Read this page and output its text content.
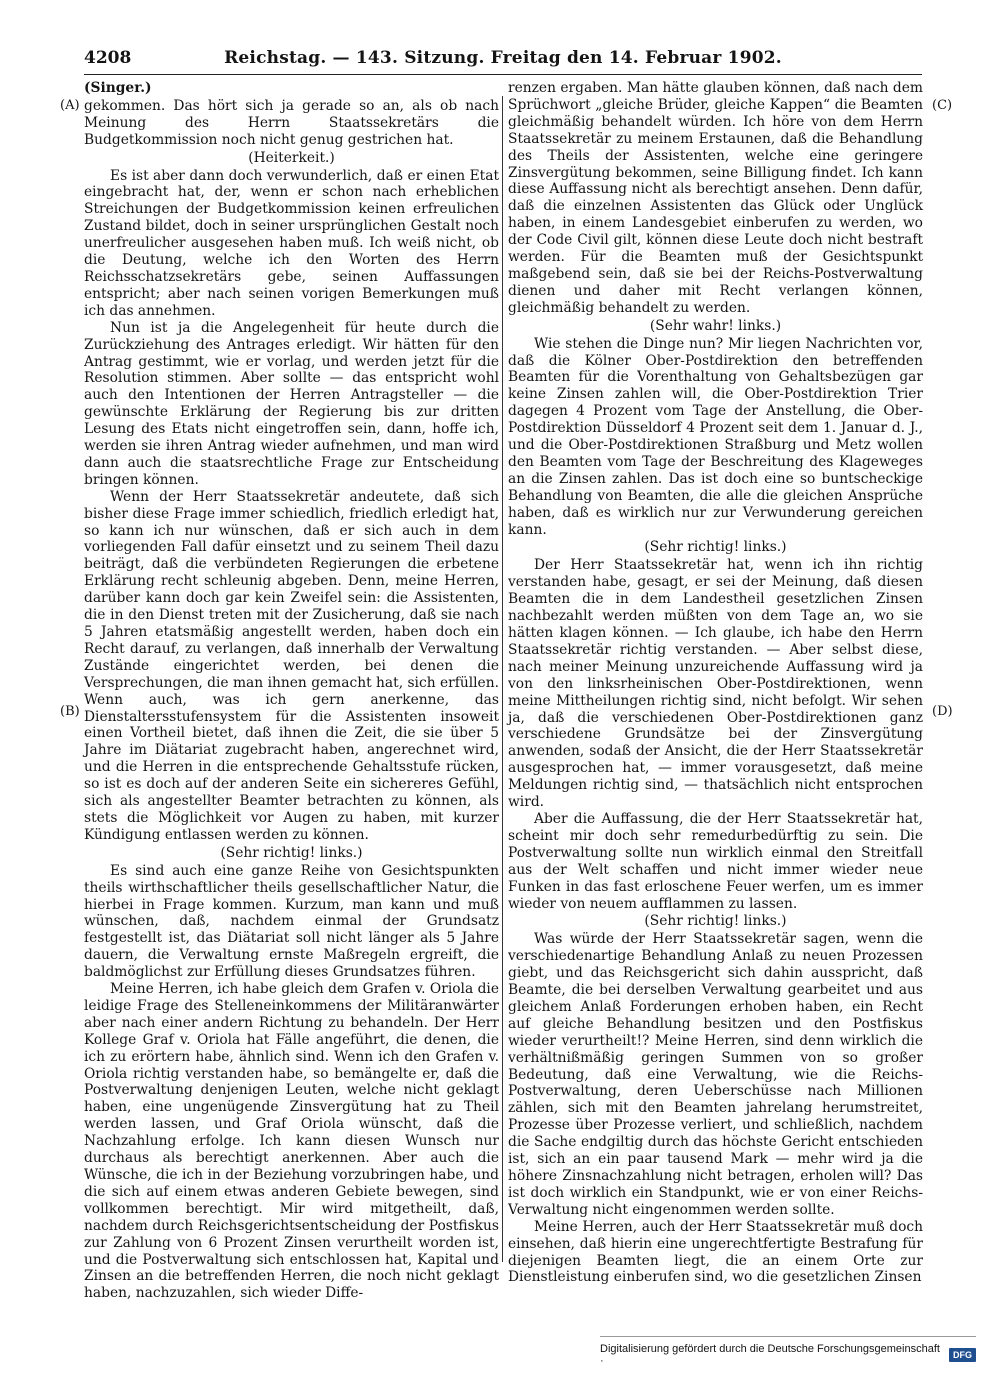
4208	Reichstag. — 143. Sitzung. Freitag den 14. Februar 1902.
(A)
(B)
(C)
(D)
(Singer.)

gekommen. Das hört sich ja gerade so an, als ob nach Meinung des Herrn Staatssekretärs die Budgetkommission noch nicht genug gestrichen hat.

(Heiterkeit.)

Es ist aber dann doch verwunderlich, daß er einen Etat eingebracht hat, der, wenn er schon nach erheblichen Streichungen der Budgetkommission keinen erfreulichen Zustand bildet, doch in seiner ursprünglichen Gestalt noch unerfreulicher ausgesehen haben muß. Ich weiß nicht, ob die Deutung, welche ich den Worten des Herrn Reichsschatzsekretärs gebe, seinen Auffassungen entspricht; aber nach seinen vorigen Bemerkungen muß ich das annehmen.

Nun ist ja die Angelegenheit für heute durch die Zurückziehung des Antrages erledigt. Wir hätten für den Antrag gestimmt, wie er vorlag, und werden jetzt für die Resolution stimmen. Aber sollte — das entspricht wohl auch den Intentionen der Herren Antragsteller — die gewünschte Erklärung der Regierung bis zur dritten Lesung des Etats nicht eingetroffen sein, dann, hoffe ich, werden sie ihren Antrag wieder aufnehmen, und man wird dann auch die staatsrechtliche Frage zur Entscheidung bringen können.

Wenn der Herr Staatssekretär andeutete, daß sich bisher diese Frage immer schiedlich, friedlich erledigt hat, so kann ich nur wünschen, daß er sich auch in dem vorliegenden Fall dafür einsetzt und zu seinem Theil dazu beiträgt, daß die verbündeten Regierungen die erbetene Erklärung recht schleunig abgeben. Denn, meine Herren, darüber kann doch gar kein Zweifel sein: die Assistenten, die in den Dienst treten mit der Zusicherung, daß sie nach 5 Jahren etatsmäßig angestellt werden, haben doch ein Recht darauf, zu verlangen, daß innerhalb der Verwaltung Zustände eingerichtet werden, bei denen die Versprechungen, die man ihnen gemacht hat, sich erfüllen. Wenn auch, was ich gern anerkenne, das Dienstaltersstufensystem für die Assistenten insoweit einen Vortheil bietet, daß ihnen die Zeit, die sie über 5 Jahre im Diätariat zugebracht haben, angerechnet wird, und die Herren in die entsprechende Gehaltsstufe rücken, so ist es doch auf der anderen Seite ein sichereres Gefühl, sich als angestellter Beamter betrachten zu können, als stets die Möglichkeit vor Augen zu haben, mit kurzer Kündigung entlassen werden zu können.

(Sehr richtig! links.)

Es sind auch eine ganze Reihe von Gesichtspunkten theils wirthschaftlicher theils gesellschaftlicher Natur, die hierbei in Frage kommen. Kurzum, man kann und muß wünschen, daß, nachdem einmal der Grundsatz festgestellt ist, das Diätariat soll nicht länger als 5 Jahre dauern, die Verwaltung ernste Maßregeln ergreift, die baldmöglichst zur Erfüllung dieses Grundsatzes führen.

Meine Herren, ich habe gleich dem Grafen v. Oriola die leidige Frage des Stelleneinkommens der Militäranwärter aber nach einer andern Richtung zu behandeln. Der Herr Kollege Graf v. Oriola hat Fälle angeführt, die denen, die ich zu erörtern habe, ähnlich sind. Wenn ich den Grafen v. Oriola richtig verstanden habe, so bemängelte er, daß die Postverwaltung denjenigen Leuten, welche nicht geklagt haben, eine ungenügende Zinsvergütung hat zu Theil werden lassen, und Graf Oriola wünscht, daß die Nachzahlung erfolge. Ich kann diesen Wunsch nur durchaus als berechtigt anerkennen. Aber auch die Wünsche, die ich in der Beziehung vorzubringen habe, und die sich auf einem etwas anderen Gebiete bewegen, sind vollkommen berechtigt. Mir wird mitgetheilt, daß, nachdem durch Reichsgerichtsentscheidung der Postfiskus zur Zahlung von 6 Prozent Zinsen verurtheilt worden ist, und die Postverwaltung sich entschlossen hat, Kapital und Zinsen an die betreffenden Herren, die noch nicht geklagt haben, nachzuzahlen, sich wieder Diffe-

renzen ergaben. Man hätte glauben können, daß nach dem Sprüchwort „gleiche Brüder, gleiche Kappen“ die Beamten gleichmäßig behandelt würden. Ich höre von dem Herrn Staatssekretär zu meinem Erstaunen, daß die Behandlung des Theils der Assistenten, welche eine geringere Zinsvergütung bekommen, seine Billigung findet. Ich kann diese Auffassung nicht als berechtigt ansehen. Denn dafür, daß die einzelnen Assistenten das Glück oder Unglück haben, in einem Landesgebiet einberufen zu werden, wo der Code Civil gilt, können diese Leute doch nicht bestraft werden. Für die Beamten muß der Gesichtspunkt maßgebend sein, daß sie bei der Reichs-Postverwaltung dienen und daher mit Recht verlangen können, gleichmäßig behandelt zu werden.

(Sehr wahr! links.)

Wie stehen die Dinge nun? Mir liegen Nachrichten vor, daß die Kölner Ober-Postdirektion den betreffenden Beamten für die Vorenthaltung von Gehaltsbezügen gar keine Zinsen zahlen will, die Ober-Postdirektion Trier dagegen 4 Prozent vom Tage der Anstellung, die Ober-Postdirektion Düsseldorf 4 Prozent seit dem 1. Januar d. J., und die Ober-Postdirektionen Straßburg und Metz wollen den Beamten vom Tage der Beschreitung des Klageweges an die Zinsen zahlen. Das ist doch eine so buntscheckige Behandlung von Beamten, die alle die gleichen Ansprüche haben, daß es wirklich nur zur Verwunderung gereichen kann.

(Sehr richtig! links.)

Der Herr Staatssekretär hat, wenn ich ihn richtig verstanden habe, gesagt, er sei der Meinung, daß diesen Beamten die in dem Landestheil gesetzlichen Zinsen nachbezahlt werden müßten von dem Tage an, wo sie hätten klagen können. — Ich glaube, ich habe den Herrn Staatssekretär richtig verstanden. — Aber selbst diese, nach meiner Meinung unzureichende Auffassung wird ja von den linksrheinischen Ober-Postdirektionen, wenn meine Mittheilungen richtig sind, nicht befolgt. Wir sehen ja, daß die verschiedenen Ober-Postdirektionen ganz verschiedene Grundsätze bei der Zinsvergütung anwenden, sodaß der Ansicht, die der Herr Staatssekretär ausgesprochen hat, — immer vorausgesetzt, daß meine Meldungen richtig sind, — thatsächlich nicht entsprochen wird.

Aber die Auffassung, die der Herr Staatssekretär hat, scheint mir doch sehr remedurbedürftig zu sein. Die Postverwaltung sollte nun wirklich einmal den Streitfall aus der Welt schaffen und nicht immer wieder neue Funken in das fast erloschene Feuer werfen, um es immer wieder von neuem aufflammen zu lassen.

(Sehr richtig! links.)

Was würde der Herr Staatssekretär sagen, wenn die verschiedenartige Behandlung Anlaß zu neuen Prozessen giebt, und das Reichsgericht sich dahin ausspricht, daß Beamte, die bei derselben Verwaltung gearbeitet und aus gleichem Anlaß Forderungen erhoben haben, ein Recht auf gleiche Behandlung besitzen und den Postfiskus wieder verurtheilt!? Meine Herren, sind denn wirklich die verhältnißmäßig geringen Summen von so großer Bedeutung, daß eine Verwaltung, wie die Reichs-Postverwaltung, deren Ueberschüsse nach Millionen zählen, sich mit den Beamten jahrelang herumstreitet, Prozesse über Prozesse verliert, und schließlich, nachdem die Sache endgiltig durch das höchste Gericht entschieden ist, sich an ein paar tausend Mark — mehr wird ja die höhere Zinsnachzahlung nicht betragen, erholen will? Das ist doch wirklich ein Standpunkt, wie er von einer Reichs-Verwaltung nicht eingenommen werden sollte.

Meine Herren, auch der Herr Staatssekretär muß doch einsehen, daß hierin eine ungerechtfertigte Bestrafung für diejenigen Beamten liegt, die an einem Orte zur Dienstleistung einberufen sind, wo die gesetzlichen Zinsen

Digitalisierung gefördert durch die Deutsche Forschungsgemeinschaft ·	DFG
